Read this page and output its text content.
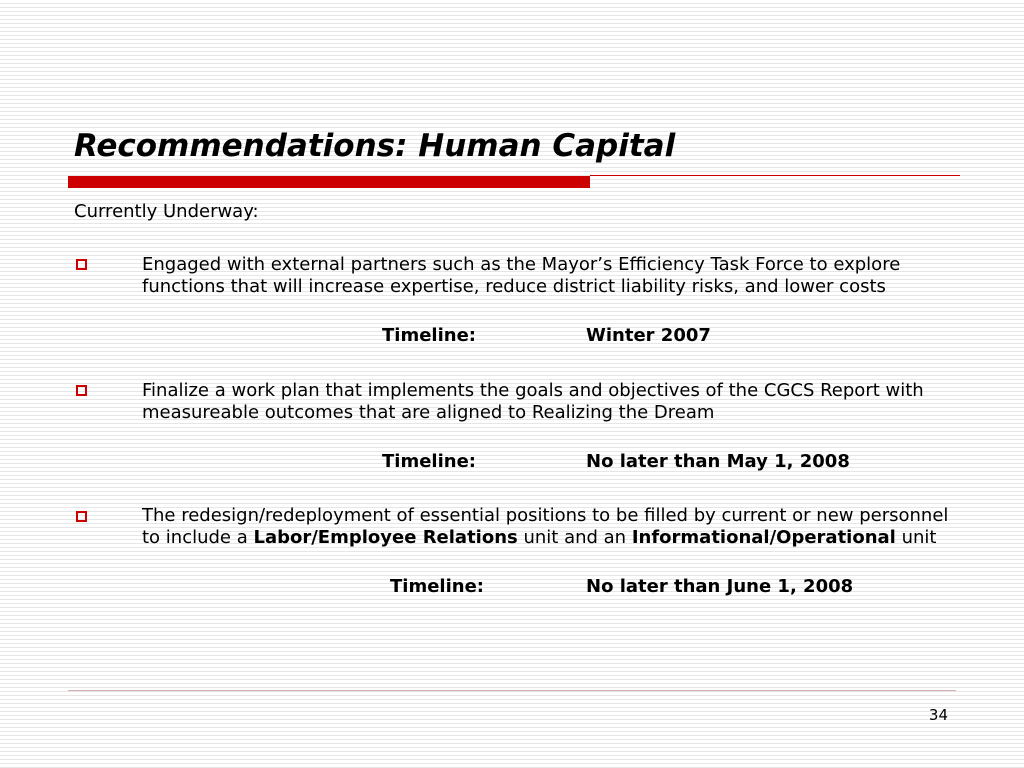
Recommendations: Human Capital
Currently Underway:
Engaged with external partners such as the Mayor’s Efficiency Task Force to explore functions that will increase expertise, reduce district liability risks, and lower costs
Timeline:	Winter 2007
Finalize a work plan that implements the goals and objectives of the CGCS Report with measureable outcomes that are aligned to Realizing the Dream
Timeline:	No later than May 1, 2008
The redesign/redeployment of essential positions to be filled by current or new personnel to include a Labor/Employee Relations unit and an Informational/Operational unit
Timeline:	No later than June 1, 2008
34
